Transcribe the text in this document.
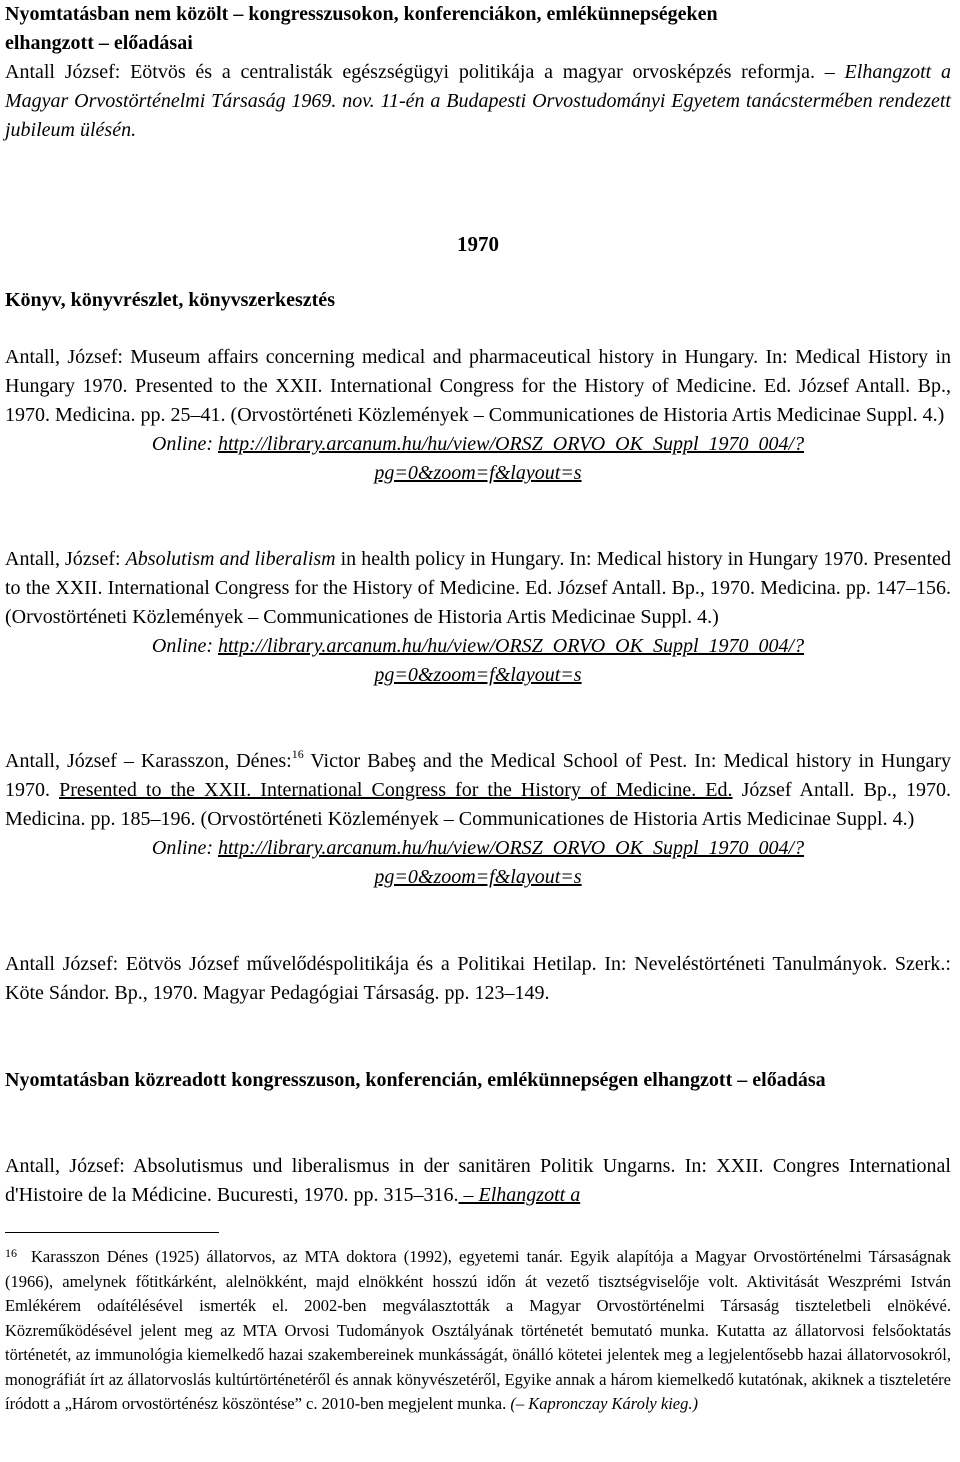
Nyomtatásban nem közölt – kongresszusokon, konferenciákon, emlékünnepségeken
elhangzott – előadásai
Antall József: Eötvös és a centralisták egészségügyi politikája a magyar orvosképzés reformja. – Elhangzott a Magyar Orvostörténelmi Társaság 1969. nov. 11-én a Budapesti Orvostudományi Egyetem tanácstermében rendezett jubileum ülésén.
1970
Könyv, könyvrészlet, könyvszerkesztés
Antall, József: Museum affairs concerning medical and pharmaceutical history in Hungary. In: Medical History in Hungary 1970. Presented to the XXII. International Congress for the History of Medicine. Ed. József Antall. Bp., 1970. Medicina. pp. 25–41. (Orvostörténeti Közlemények – Communicationes de Historia Artis Medicinae Suppl. 4.)
Online: http://library.arcanum.hu/hu/view/ORSZ_ORVO_OK_Suppl_1970_004/?
pg=0&zoom=f&layout=s
Antall, József: Absolutism and liberalism in health policy in Hungary. In: Medical history in Hungary 1970. Presented to the XXII. International Congress for the History of Medicine. Ed. József Antall. Bp., 1970. Medicina. pp. 147–156. (Orvostörténeti Közlemények – Communicationes de Historia Artis Medicinae Suppl. 4.)
Online: http://library.arcanum.hu/hu/view/ORSZ_ORVO_OK_Suppl_1970_004/?
pg=0&zoom=f&layout=s
Antall, József – Karasszon, Dénes:$^{16}$ Victor Babeş and the Medical School of Pest. In: Medical history in Hungary 1970. Presented to the XXII. International Congress for the History of Medicine. Ed. József Antall. Bp., 1970. Medicina. pp. 185–196. (Orvostörténeti Közlemények – Communicationes de Historia Artis Medicinae Suppl. 4.)
Online: http://library.arcanum.hu/hu/view/ORSZ_ORVO_OK_Suppl_1970_004/?
pg=0&zoom=f&layout=s
Antall József: Eötvös József művelődéspolitikája és a Politikai Hetilap. In: Neveléstörténeti Tanulmányok. Szerk.: Köte Sándor. Bp., 1970. Magyar Pedagógiai Társaság. pp. 123–149.
Nyomtatásban közreadott kongresszuson, konferencián, emlékünnepségen elhangzott – előadása
Antall, József: Absolutismus und liberalismus in der sanitären Politik Ungarns. In: XXII. Congres International d'Histoire de la Médicine. Bucuresti, 1970. pp. 315–316. – Elhangzott a
$^{16}$ Karasszon Dénes (1925) állatorvos, az MTA doktora (1992), egyetemi tanár. Egyik alapítója a Magyar Orvostörténelmi Társaságnak (1966), amelynek főtitkárként, alelnökként, majd elnökként hosszú időn át vezető tisztségviselője volt. Aktivitását Weszprémi István Emlékérem odaítélésével ismerték el. 2002-ben megválasztották a Magyar Orvostörténelmi Társaság tiszteletbeli elnökévé. Közreműködésével jelent meg az MTA Orvosi Tudományok Osztályának történetét bemutató munka. Kutatta az állatorvosi felsőoktatás történetét, az immunológia kiemelkedő hazai szakembereinek munkásságát, önálló kötetei jelentek meg a legjelentősebb hazai állatorvosokról, monográfiát írt az állatorvoslás kultúrtörténetéről és annak könyvészetéről, Egyike annak a három kiemelkedő kutatónak, akiknek a tiszteletére íródott a „Három orvostörténész köszöntése” c. 2010-ben megjelent munka. (– Kapronczay Károly kieg.)
